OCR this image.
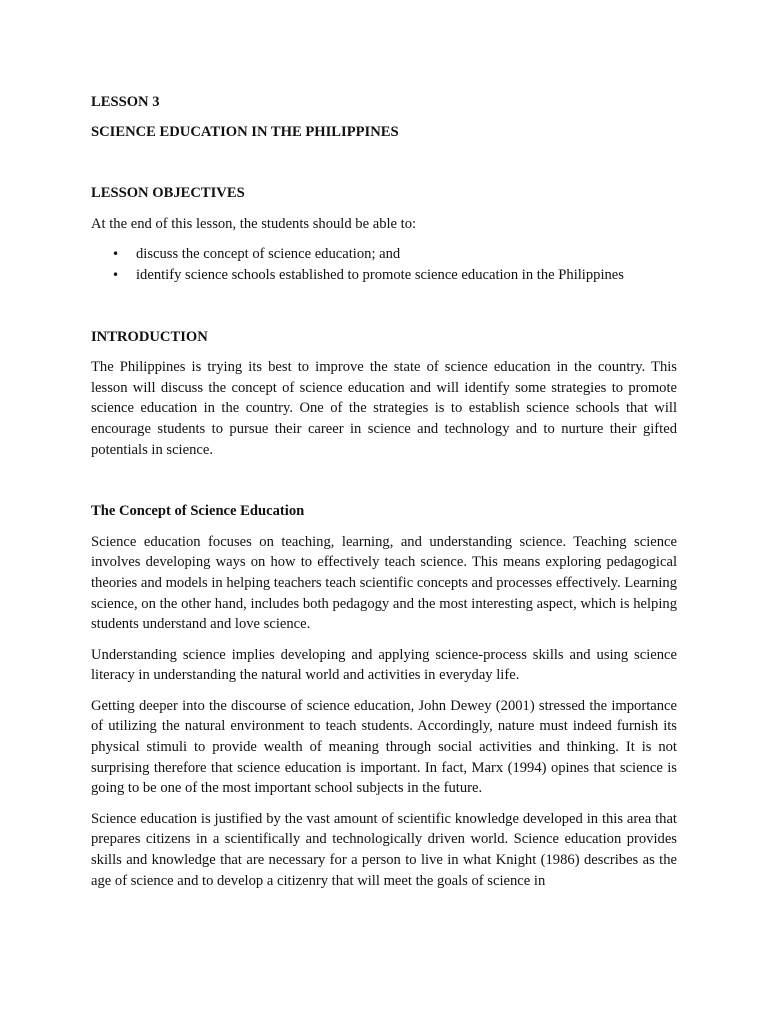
LESSON 3

SCIENCE EDUCATION IN THE PHILIPPINES

LESSON OBJECTIVES

At the end of this lesson, the students should be able to:

• discuss the concept of science education; and
• identify science schools established to promote science education in the Philippines

INTRODUCTION

The Philippines is trying its best to improve the state of science education in the country. This lesson will discuss the concept of science education and will identify some strategies to promote science education in the country. One of the strategies is to establish science schools that will encourage students to pursue their career in science and technology and to nurture their gifted potentials in science.

The Concept of Science Education

Science education focuses on teaching, learning, and understanding science. Teaching science involves developing ways on how to effectively teach science. This means exploring pedagogical theories and models in helping teachers teach scientific concepts and processes effectively. Learning science, on the other hand, includes both pedagogy and the most interesting aspect, which is helping students understand and love science.

Understanding science implies developing and applying science-process skills and using science literacy in understanding the natural world and activities in everyday life.

Getting deeper into the discourse of science education, John Dewey (2001) stressed the importance of utilizing the natural environment to teach students. Accordingly, nature must indeed furnish its physical stimuli to provide wealth of meaning through social activities and thinking. It is not surprising therefore that science education is important. In fact, Marx (1994) opines that science is going to be one of the most important school subjects in the future.

Science education is justified by the vast amount of scientific knowledge developed in this area that prepares citizens in a scientifically and technologically driven world. Science education provides skills and knowledge that are necessary for a person to live in what Knight (1986) describes as the age of science and to develop a citizenry that will meet the goals of science in
